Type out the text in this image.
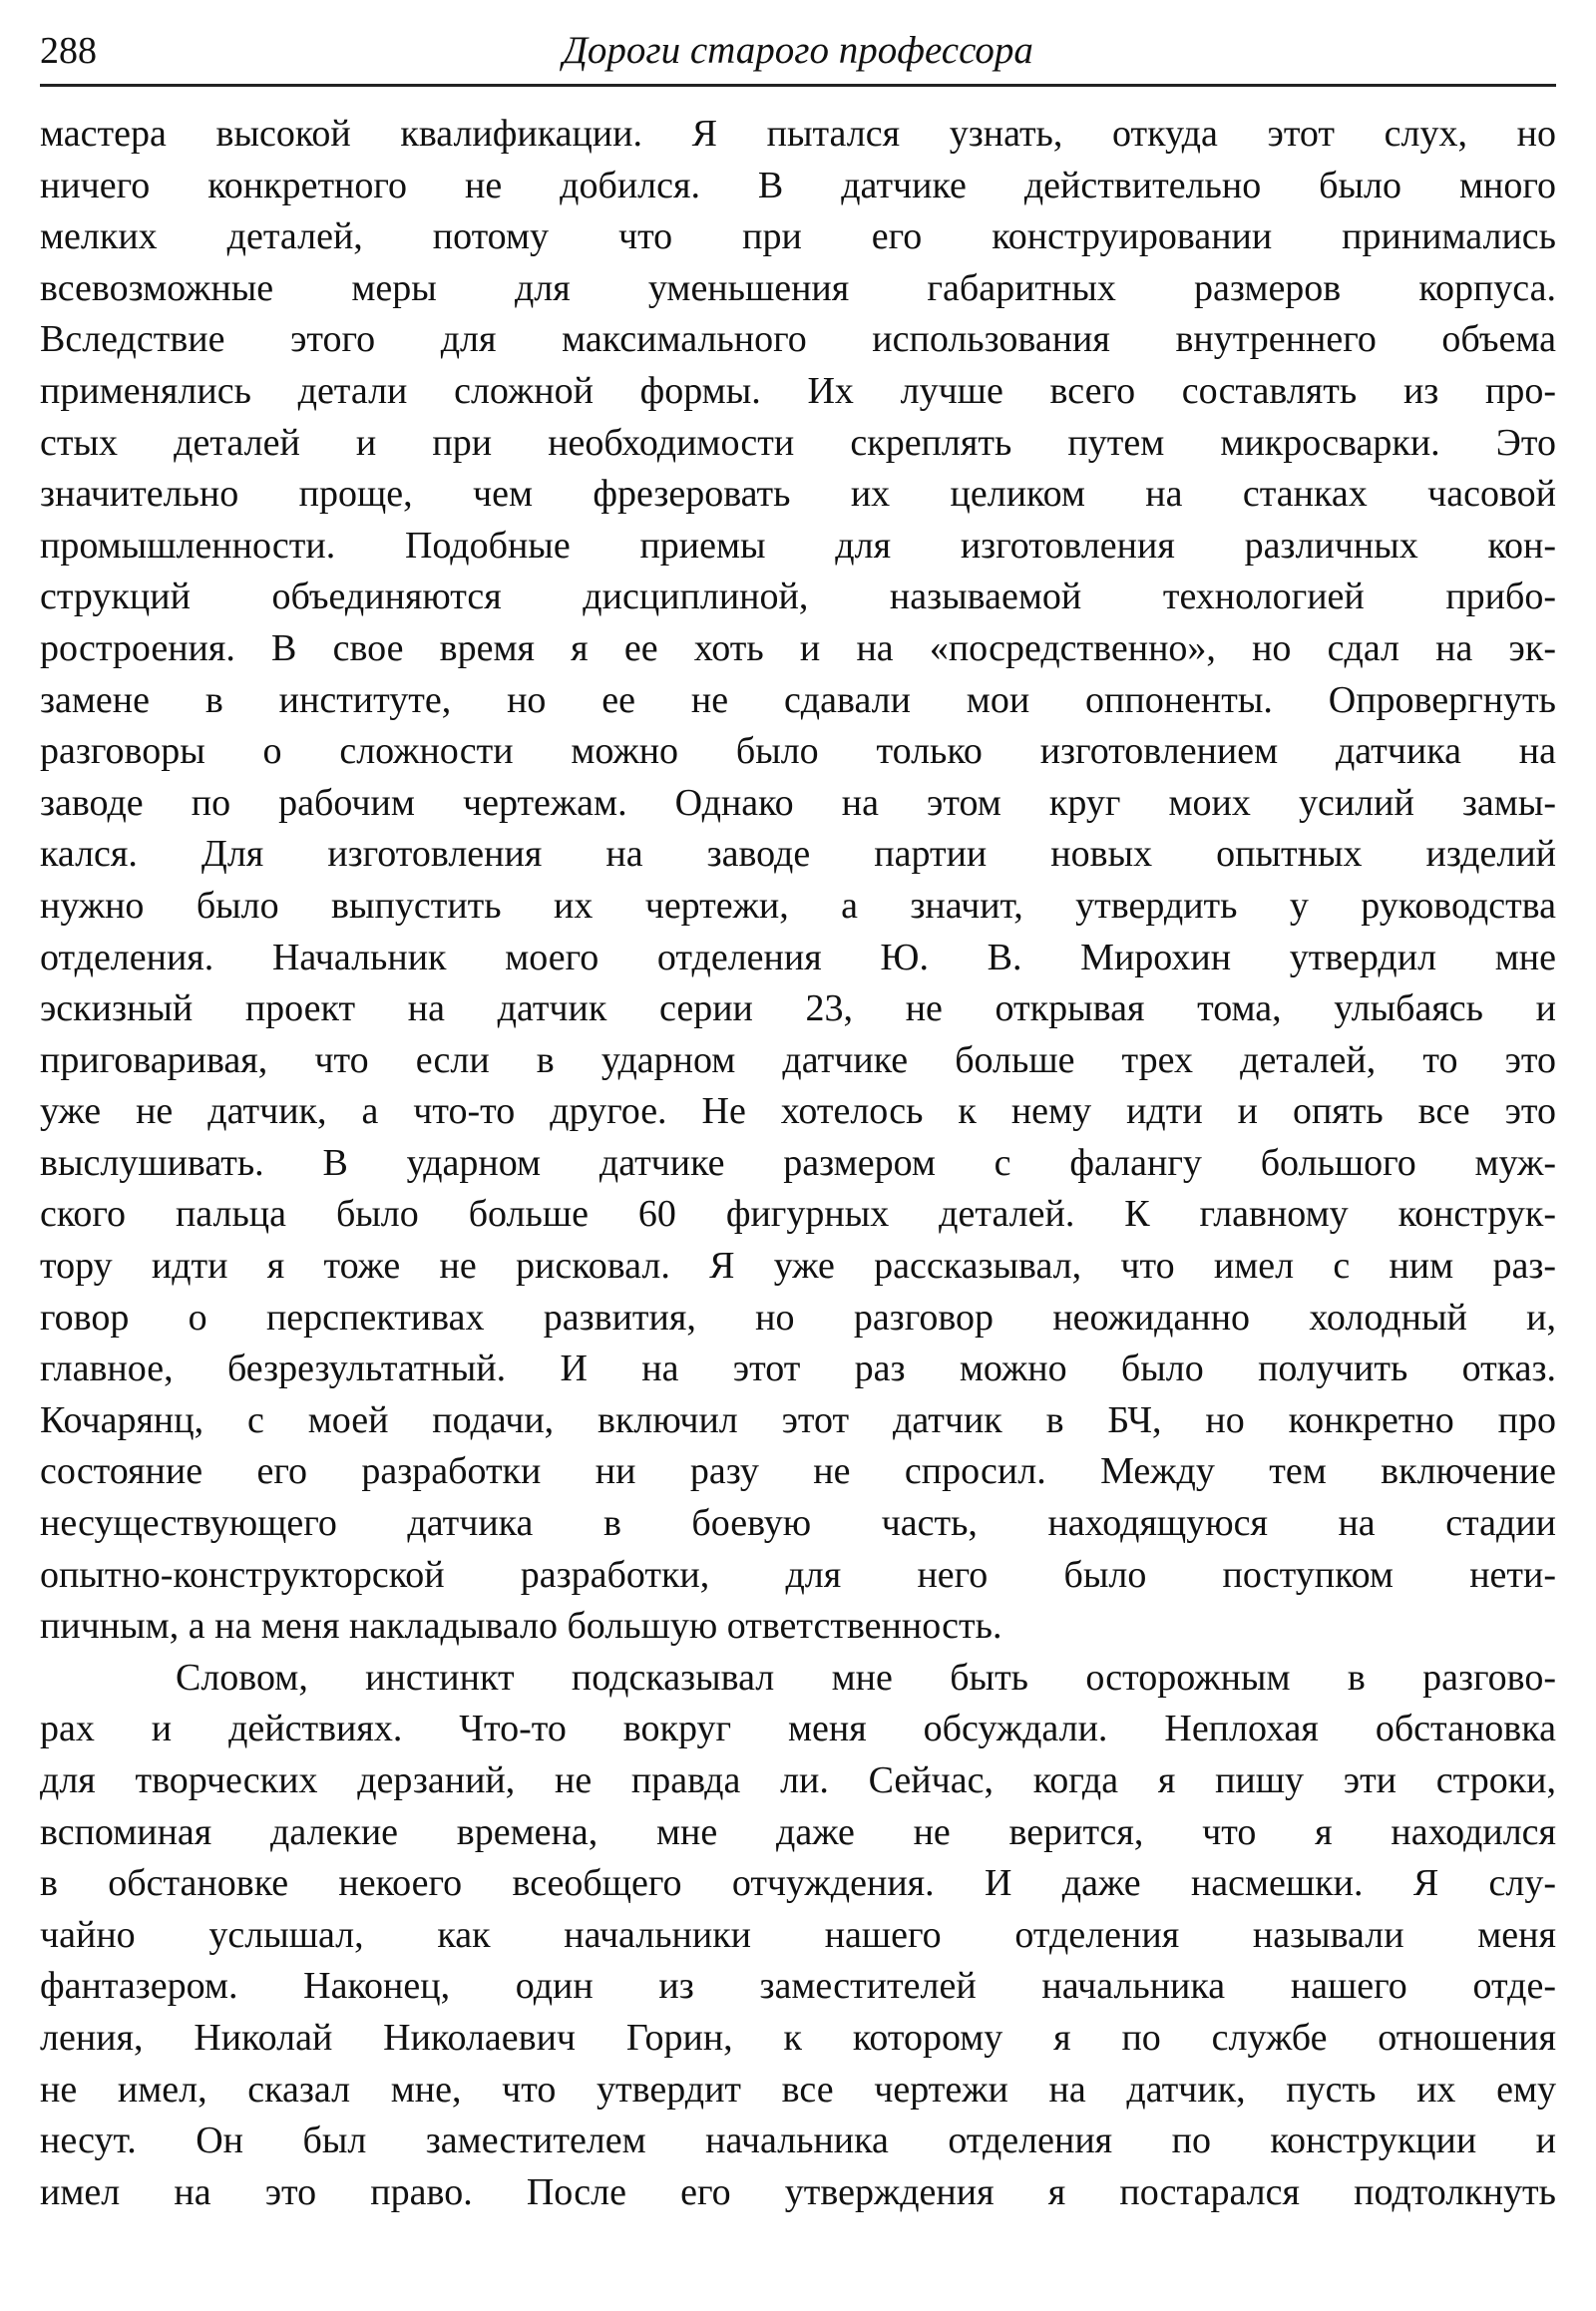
288	Дороги старого профессора
мастера высокой квалификации. Я пытался узнать, откуда этот слух, но
ничего конкретного не добился. В датчике действительно было много
мелких деталей, потому что при его конструировании принимались
всевозможные меры для уменьшения габаритных размеров корпуса.
Вследствие этого для максимального использования внутреннего объема
применялись детали сложной формы. Их лучше всего составлять из про-
стых деталей и при необходимости скреплять путем микросварки. Это
значительно проще, чем фрезеровать их целиком на станках часовой
промышленности. Подобные приемы для изготовления различных кон-
струкций объединяются дисциплиной, называемой технологией прибо-
ростроения. В свое время я ее хоть и на «посредственно», но сдал на эк-
замене в институте, но ее не сдавали мои оппоненты. Опровергнуть
разговоры о сложности можно было только изготовлением датчика на
заводе по рабочим чертежам. Однако на этом круг моих усилий замы-
кался. Для изготовления на заводе партии новых опытных изделий
нужно было выпустить их чертежи, а значит, утвердить у руководства
отделения. Начальник моего отделения Ю. В. Мирохин утвердил мне
эскизный проект на датчик серии 23, не открывая тома, улыбаясь и
приговаривая, что если в ударном датчике больше трех деталей, то это
уже не датчик, а что-то другое. Не хотелось к нему идти и опять все это
выслушивать. В ударном датчике размером с фалангу большого муж-
ского пальца было больше 60 фигурных деталей. К главному конструк-
тору идти я тоже не рисковал. Я уже рассказывал, что имел с ним раз-
говор о перспективах развития, но разговор неожиданно холодный и,
главное, безрезультатный. И на этот раз можно было получить отказ.
Кочарянц, с моей подачи, включил этот датчик в БЧ, но конкретно про
состояние его разработки ни разу не спросил. Между тем включение
несуществующего датчика в боевую часть, находящуюся на стадии
опытно-конструкторской разработки, для него было поступком нети-
пичным, а на меня накладывало большую ответственность.
Словом, инстинкт подсказывал мне быть осторожным в разгово-
рах и действиях. Что-то вокруг меня обсуждали. Неплохая обстановка
для творческих дерзаний, не правда ли. Сейчас, когда я пишу эти строки,
вспоминая далекие времена, мне даже не верится, что я находился
в обстановке некоего всеобщего отчуждения. И даже насмешки. Я слу-
чайно услышал, как начальники нашего отделения называли меня
фантазером. Наконец, один из заместителей начальника нашего отде-
ления, Николай Николаевич Горин, к которому я по службе отношения
не имел, сказал мне, что утвердит все чертежи на датчик, пусть их ему
несут. Он был заместителем начальника отделения по конструкции и
имел на это право. После его утверждения я постарался подтолкнуть
